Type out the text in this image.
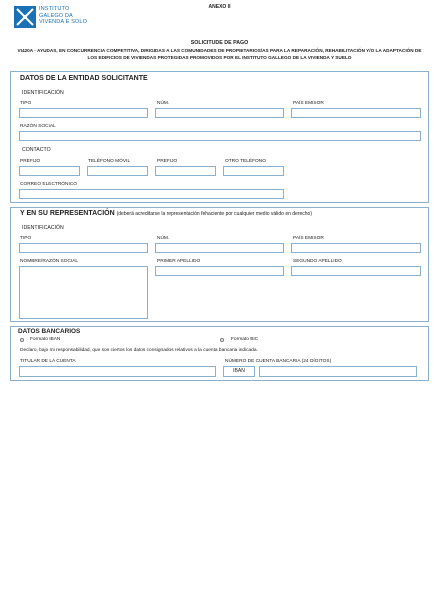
INSTITUTO
GALEGO DA
VIVENDA E SOLO
ANEXO II
SOLICITUDE DE PAGO
VI420A - AYUDAS, EN CONCURRENCIA COMPETITIVA, DIRIGIDAS A LAS COMUNIDADES DE PROPIETARIOS/AS PARA LA REPARACIÓN, REHABILITACIÓN Y/O LA ADAPTACIÓN DE LOS EDIFICIOS DE VIVIENDAS PROTEGIDAS PROMOVIDOS POR EL INSTITUTO GALLEGO DE LA VIVIENDA Y SUELO
DATOS DE LA ENTIDAD SOLICITANTE
IDENTIFICACIÓN
TIPO	NÚM.	PAÍS EMISOR
RAZÓN SOCIAL
CONTACTO
PREFIJO	TELÉFONO MÓVIL	PREFIJO	OTRO TELÉFONO
CORREO ELECTRÓNICO
Y EN SU REPRESENTACIÓN (deberá acreditarse la representación fehaciente por cualquier medio válido en derecho)
IDENTIFICACIÓN
TIPO	NÚM.	PAÍS EMISOR
NOMBRE/RAZÓN SOCIAL	PRIMER APELLIDO	SEGUNDO APELLIDO
DATOS BANCARIOS
Formato IBAN	Formato BIC
Declaro, bajo mi responsabilidad, que son ciertos los datos consignados relativos a la cuenta bancaria indicada.
TITULAR DE LA CUENTA	NÚMERO DE CUENTA BANCARIA (24 DÍGITOS)
IBAN
